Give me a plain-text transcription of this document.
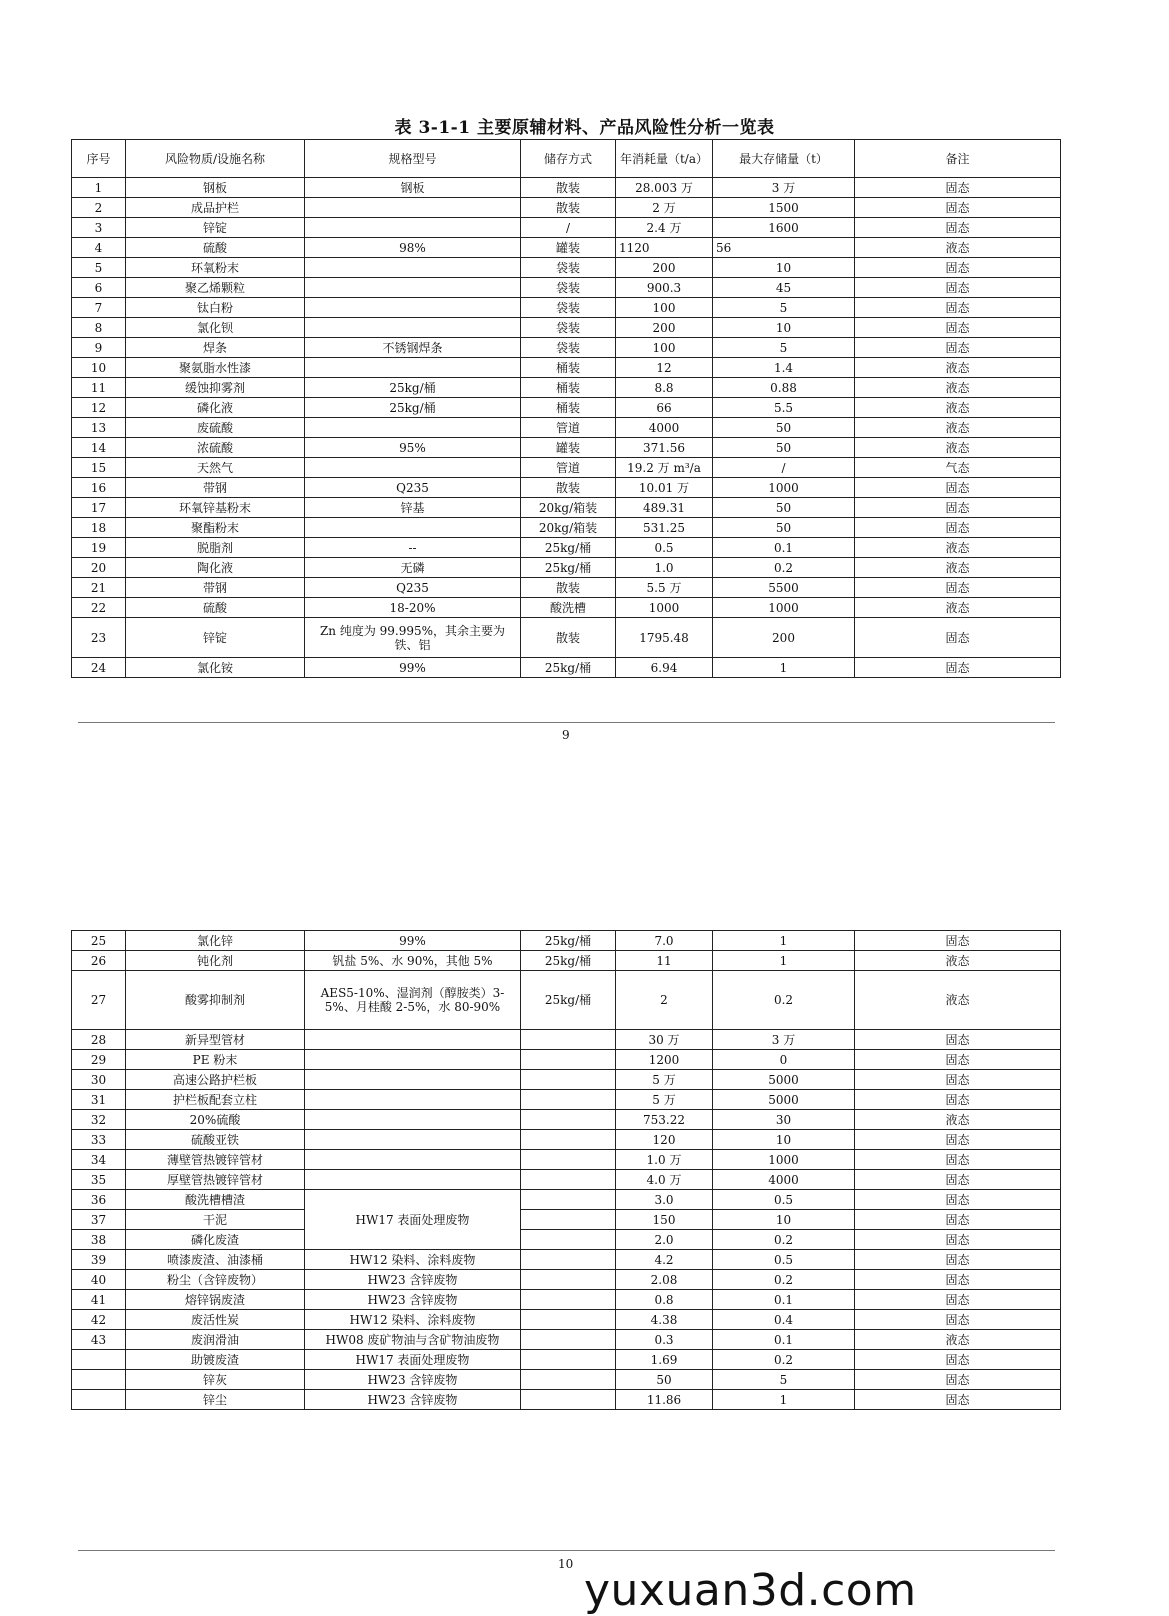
表 3-1-1 主要原辅材料、产品风险性分析一览表
序号	风险物质/设施名称	规格型号	储存方式	年消耗量（t/a）	最大存储量（t）	备注
1	钢板	钢板	散装	28.003 万	3 万	固态
2	成品护栏		散装	2 万	1500	固态
3	锌锭		/	2.4 万	1600	固态
4	硫酸	98%	罐装	1120	56	液态
5	环氧粉末		袋装	200	10	固态
6	聚乙烯颗粒		袋装	900.3	45	固态
7	钛白粉		袋装	100	5	固态
8	氯化钡		袋装	200	10	固态
9	焊条	不锈钢焊条	袋装	100	5	固态
10	聚氨脂水性漆		桶装	12	1.4	液态
11	缓蚀抑雾剂	25kg/桶	桶装	8.8	0.88	液态
12	磷化液	25kg/桶	桶装	66	5.5	液态
13	废硫酸		管道	4000	50	液态
14	浓硫酸	95%	罐装	371.56	50	液态
15	天然气		管道	19.2 万 m³/a	/	气态
16	带钢	Q235	散装	10.01 万	1000	固态
17	环氧锌基粉末	锌基	20kg/箱装	489.31	50	固态
18	聚酯粉末		20kg/箱装	531.25	50	固态
19	脱脂剂	--	25kg/桶	0.5	0.1	液态
20	陶化液	无磷	25kg/桶	1.0	0.2	液态
21	带钢	Q235	散装	5.5 万	5500	固态
22	硫酸	18-20%	酸洗槽	1000	1000	液态
23	锌锭	Zn 纯度为 99.995%，其余主要为铁、铝	散装	1795.48	200	固态
24	氯化铵	99%	25kg/桶	6.94	1	固态
9
25	氯化锌	99%	25kg/桶	7.0	1	固态
26	钝化剂	钒盐 5%、水 90%，其他 5%	25kg/桶	11	1	液态
27	酸雾抑制剂	AES5-10%、湿润剂（醇胺类）3-5%、月桂酸 2-5%，水 80-90%	25kg/桶	2	0.2	液态
28	新异型管材			30 万	3 万	固态
29	PE 粉末			1200	0	固态
30	高速公路护栏板			5 万	5000	固态
31	护栏板配套立柱			5 万	5000	固态
32	20%硫酸			753.22	30	液态
33	硫酸亚铁			120	10	固态
34	薄壁管热镀锌管材			1.0 万	1000	固态
35	厚壁管热镀锌管材			4.0 万	4000	固态
36	酸洗槽槽渣	HW17 表面处理废物		3.0	0.5	固态
37	干泥			150	10	固态
38	磷化废渣			2.0	0.2	固态
39	喷漆废渣、油漆桶	HW12 染料、涂料废物		4.2	0.5	固态
40	粉尘（含锌废物）	HW23 含锌废物		2.08	0.2	固态
41	熔锌锅废渣	HW23 含锌废物		0.8	0.1	固态
42	废活性炭	HW12 染料、涂料废物		4.38	0.4	固态
43	废润滑油	HW08 废矿物油与含矿物油废物		0.3	0.1	液态
	助镀废渣	HW17 表面处理废物		1.69	0.2	固态
	锌灰	HW23 含锌废物		50	5	固态
	锌尘	HW23 含锌废物		11.86	1	固态
10
yuxuan3d.com
